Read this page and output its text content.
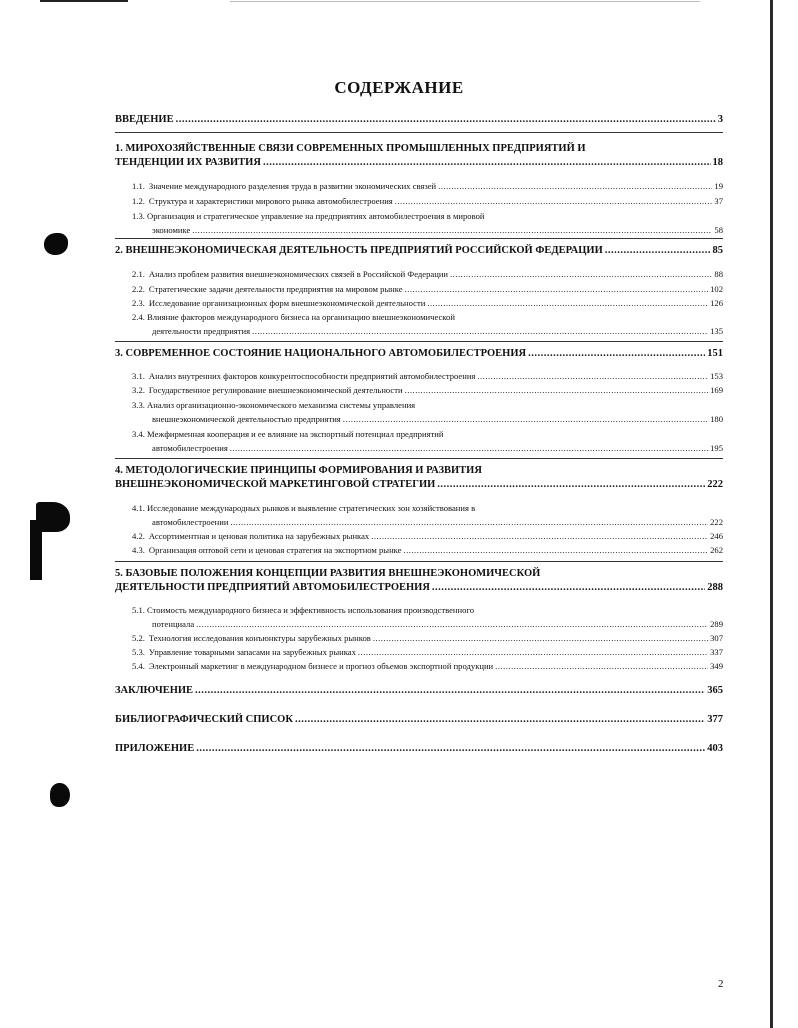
СОДЕРЖАНИЕ
ВВЕДЕНИЕ .....	3
1. МИРОХОЗЯЙСТВЕННЫЕ СВЯЗИ СОВРЕМЕННЫХ ПРОМЫШЛЕННЫХ ПРЕДПРИЯТИЙ И
ТЕНДЕНЦИИ ИХ РАЗВИТИЯ .....	18
1.1. Значение международного разделения труда в развитии экономических связей .....	19
1.2. Структура и характеристики мирового рынка автомобилестроения .....	37
1.3. Организация и стратегическое управление на предприятиях автомобилестроения в мировой
экономике .....	58
2. ВНЕШНЕЭКОНОМИЧЕСКАЯ ДЕЯТЕЛЬНОСТЬ ПРЕДПРИЯТИЙ РОССИЙСКОЙ ФЕДЕРАЦИИ .....	85
2.1. Анализ проблем развития внешнеэкономических связей в Российской Федерации .....	88
2.2. Стратегические задачи деятельности предприятия на мировом рынке .....	102
2.3. Исследование организационных форм внешнеэкономической деятельности .....	126
2.4. Влияние факторов международного бизнеса на организацию внешнеэкономической
деятельности предприятия .....	135
3. СОВРЕМЕННОЕ СОСТОЯНИЕ НАЦИОНАЛЬНОГО АВТОМОБИЛЕСТРОЕНИЯ .....	151
3.1. Анализ внутренних факторов конкурентоспособности предприятий автомобилестроения .....	153
3.2. Государственное регулирование внешнеэкономической деятельности .....	169
3.3. Анализ организационно-экономического механизма системы управления
внешнеэкономической деятельностью предприятия .....	180
3.4. Межфирменная кооперация и ее влияние на экспортный потенциал предприятий
автомобилестроения .....	195
4. МЕТОДОЛОГИЧЕСКИЕ ПРИНЦИПЫ ФОРМИРОВАНИЯ И РАЗВИТИЯ
ВНЕШНЕЭКОНОМИЧЕСКОЙ МАРКЕТИНГОВОЙ СТРАТЕГИИ .....	222
4.1. Исследование международных рынков и выявление стратегических зон хозяйствования в
автомобилестроении .....	222
4.2. Ассортиментная и ценовая политика на зарубежных рынках .....	246
4.3. Организация оптовой сети и ценовая стратегия на экспортном рынке .....	262
5. БАЗОВЫЕ ПОЛОЖЕНИЯ КОНЦЕПЦИИ РАЗВИТИЯ ВНЕШНЕЭКОНОМИЧЕСКОЙ
ДЕЯТЕЛЬНОСТИ ПРЕДПРИЯТИЙ АВТОМОБИЛЕСТРОЕНИЯ .....	288
5.1. Стоимость международного бизнеса и эффективность использования производственного
потенциала .....	289
5.2. Технология исследования конъюнктуры зарубежных рынков .....	307
5.3. Управление товарными запасами на зарубежных рынках .....	337
5.4. Электронный маркетинг в международном бизнесе и прогноз объемов экспортной продукции .....	349
ЗАКЛЮЧЕНИЕ .....	365
БИБЛИОГРАФИЧЕСКИЙ СПИСОК .....	377
ПРИЛОЖЕНИЕ .....	403
2
